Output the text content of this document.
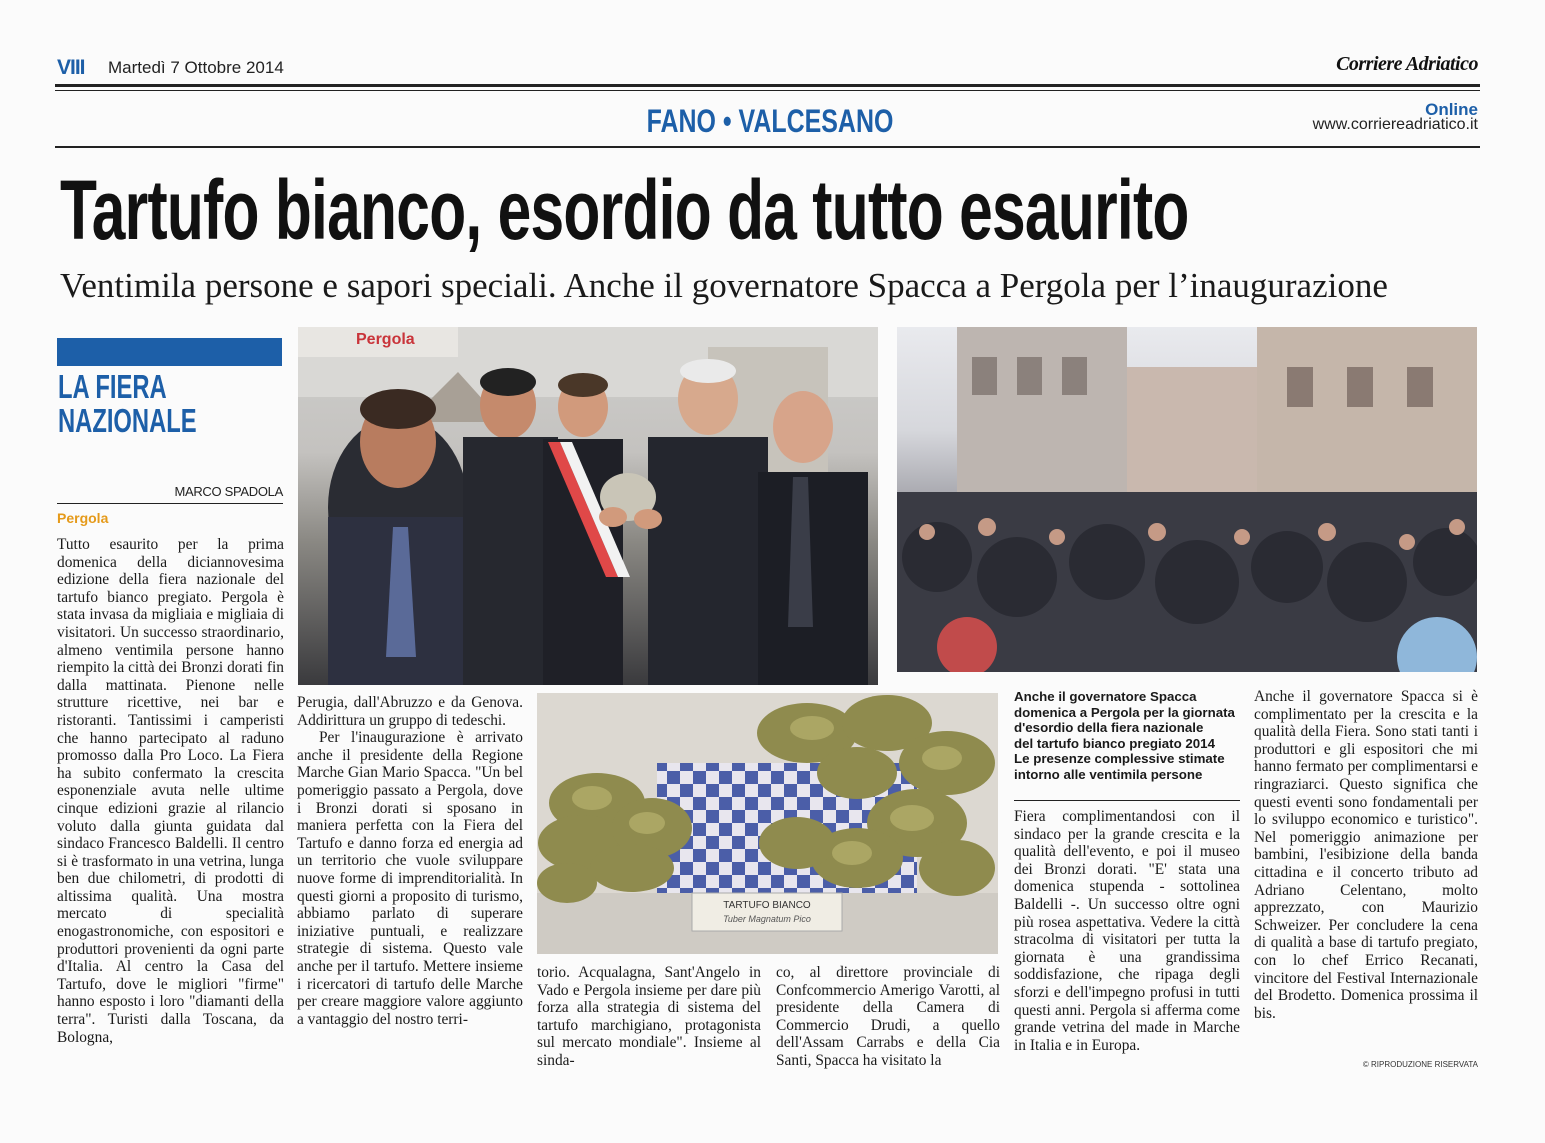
VIII Martedì 7 Ottobre 2014	Corriere Adriatico
FANO • VALCESANO	Online
www.corriereadriatico.it
Tartufo bianco, esordio da tutto esaurito
Ventimila persone e sapori speciali. Anche il governatore Spacca a Pergola per l’inaugurazione
LA FIERA
NAZIONALE
MARCO SPADOLA
Pergola

Tutto esaurito per la prima domenica della diciannovesima edizione della fiera nazionale del tartufo bianco pregiato. Pergola è stata invasa da migliaia e migliaia di visitatori. Un successo straordinario, almeno ventimila persone hanno riempito la città dei Bronzi dorati fin dalla mattinata. Pienone nelle strutture ricettive, nei bar e ristoranti. Tantissimi i camperisti che hanno partecipato al raduno promosso dalla Pro Loco. La Fiera ha subito confermato la crescita esponenziale avuta nelle ultime cinque edizioni grazie al rilancio voluto dalla giunta guidata dal sindaco Francesco Baldelli. Il centro si è trasformato in una vetrina, lunga ben due chilometri, di prodotti di altissima qualità. Una mostra mercato di specialità enogastronomiche, con espositori e produttori provenienti da ogni parte d'Italia. Al centro la Casa del Tartufo, dove le migliori "firme" hanno esposto i loro "diamanti della terra". Turisti dalla Toscana, da Bologna,

Pergola

Perugia, dall'Abruzzo e da Genova. Addirittura un gruppo di tedeschi.

Per l'inaugurazione è arrivato anche il presidente della Regione Marche Gian Mario Spacca. "Un bel pomeriggio passato a Pergola, dove i Bronzi dorati si sposano in maniera perfetta con la Fiera del Tartufo e danno forza ed energia ad un territorio che vuole sviluppare nuove forme di imprenditorialità. In questi giorni a proposito di turismo, abbiamo parlato di superare iniziative puntuali, e realizzare strategie di sistema. Questo vale anche per il tartufo. Mettere insieme i ricercatori di tartufo delle Marche per creare maggiore valore aggiunto a vantaggio del nostro terri-

TARTUFO BIANCO
Tuber Magnatum Pico

torio. Acqualagna, Sant'Angelo in Vado e Pergola insieme per dare più forza alla strategia di sistema del tartufo marchigiano, protagonista sul mercato mondiale". Insieme al sinda-

co, al direttore provinciale di Confcommercio Amerigo Varotti, al presidente della Camera di Commercio Drudi, a quello dell'Assam Carrabs e della Cia Santi, Spacca ha visitato la

Anche il governatore Spacca
domenica a Pergola per la giornata
d'esordio della fiera nazionale
del tartufo bianco pregiato 2014
Le presenze complessive stimate
intorno alle ventimila persone

Fiera complimentandosi con il sindaco per la grande crescita e la qualità dell'evento, e poi il museo dei Bronzi dorati. "E' stata una domenica stupenda - sottolinea Baldelli -. Un successo oltre ogni più rosea aspettativa. Vedere la città stracolma di visitatori per tutta la giornata è una grandissima soddisfazione, che ripaga degli sforzi e dell'impegno profusi in tutti questi anni. Pergola si afferma come grande vetrina del made in Marche in Italia e in Europa.

Anche il governatore Spacca si è complimentato per la crescita e la qualità della Fiera. Sono stati tanti i produttori e gli espositori che mi hanno fermato per complimentarsi e ringraziarci. Questo significa che questi eventi sono fondamentali per lo sviluppo economico e turistico". Nel pomeriggio animazione per bambini, l'esibizione della banda cittadina e il concerto tributo ad Adriano Celentano, molto apprezzato, con Maurizio Schweizer. Per concludere la cena di qualità a base di tartufo pregiato, con lo chef Errico Recanati, vincitore del Festival Internazionale del Brodetto. Domenica prossima il bis.

© RIPRODUZIONE RISERVATA
